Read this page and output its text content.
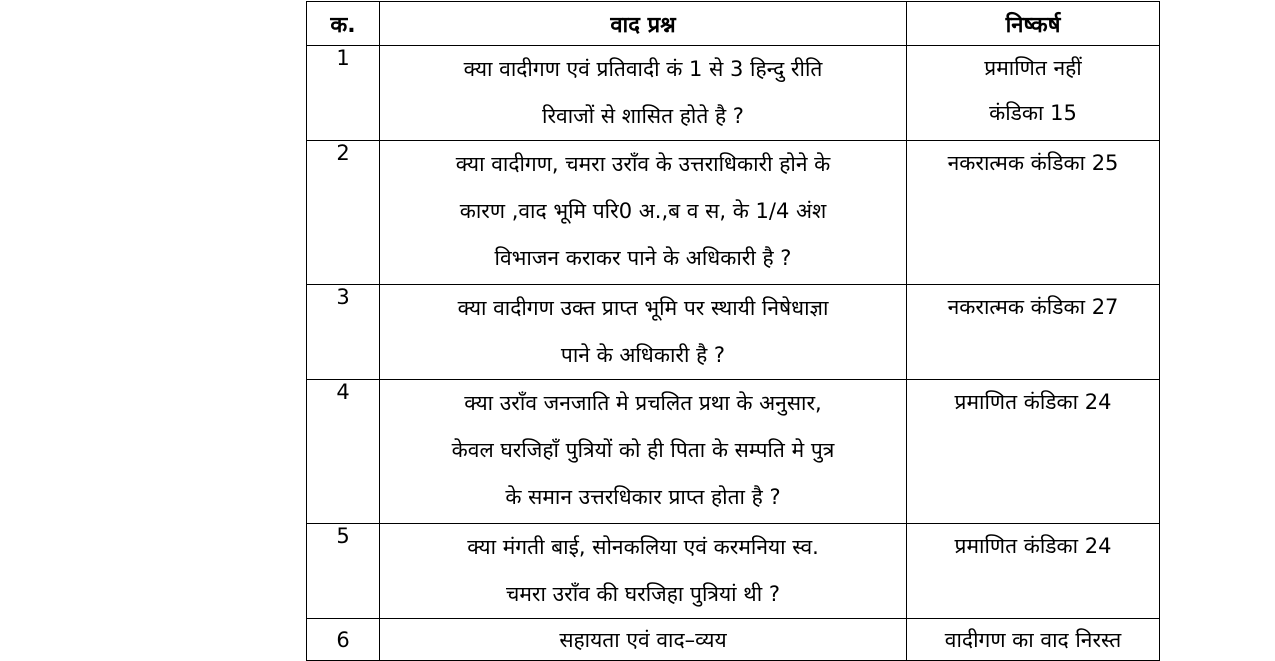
क.	वाद प्रश्न	निष्कर्ष
1	क्या वादीगण एवं प्रतिवादी कं 1 से 3 हिन्दु रीति
रिवाजों से शासित होते है ?	प्रमाणित नहीं
कंडिका 15

2	क्या वादीगण, चमरा उराँव के उत्तराधिकारी होने के
कारण ,वाद भूमि परि0 अ.,ब व स, के 1/4 अंश
विभाजन कराकर पाने के अधिकारी है ?	नकरात्मक कंडिका 25

3	क्या वादीगण उक्त प्राप्त भूमि पर स्थायी निषेधाज्ञा
पाने के अधिकारी है ?	नकरात्मक कंडिका 27

4	क्या उराँव जनजाति मे प्रचलित प्रथा के अनुसार,
केवल घरजिहाँ पुत्रियों को ही पिता के सम्पति मे पुत्र
के समान उत्तरधिकार प्राप्त होता है ?	प्रमाणित कंडिका 24

5	क्या मंगती बाई, सोनकलिया एवं करमनिया स्व.
चमरा उराँव की घरजिहा पुत्रियां थी ?	प्रमाणित कंडिका 24

6	सहायता एवं वाद–व्यय	वादीगण का वाद निरस्त
